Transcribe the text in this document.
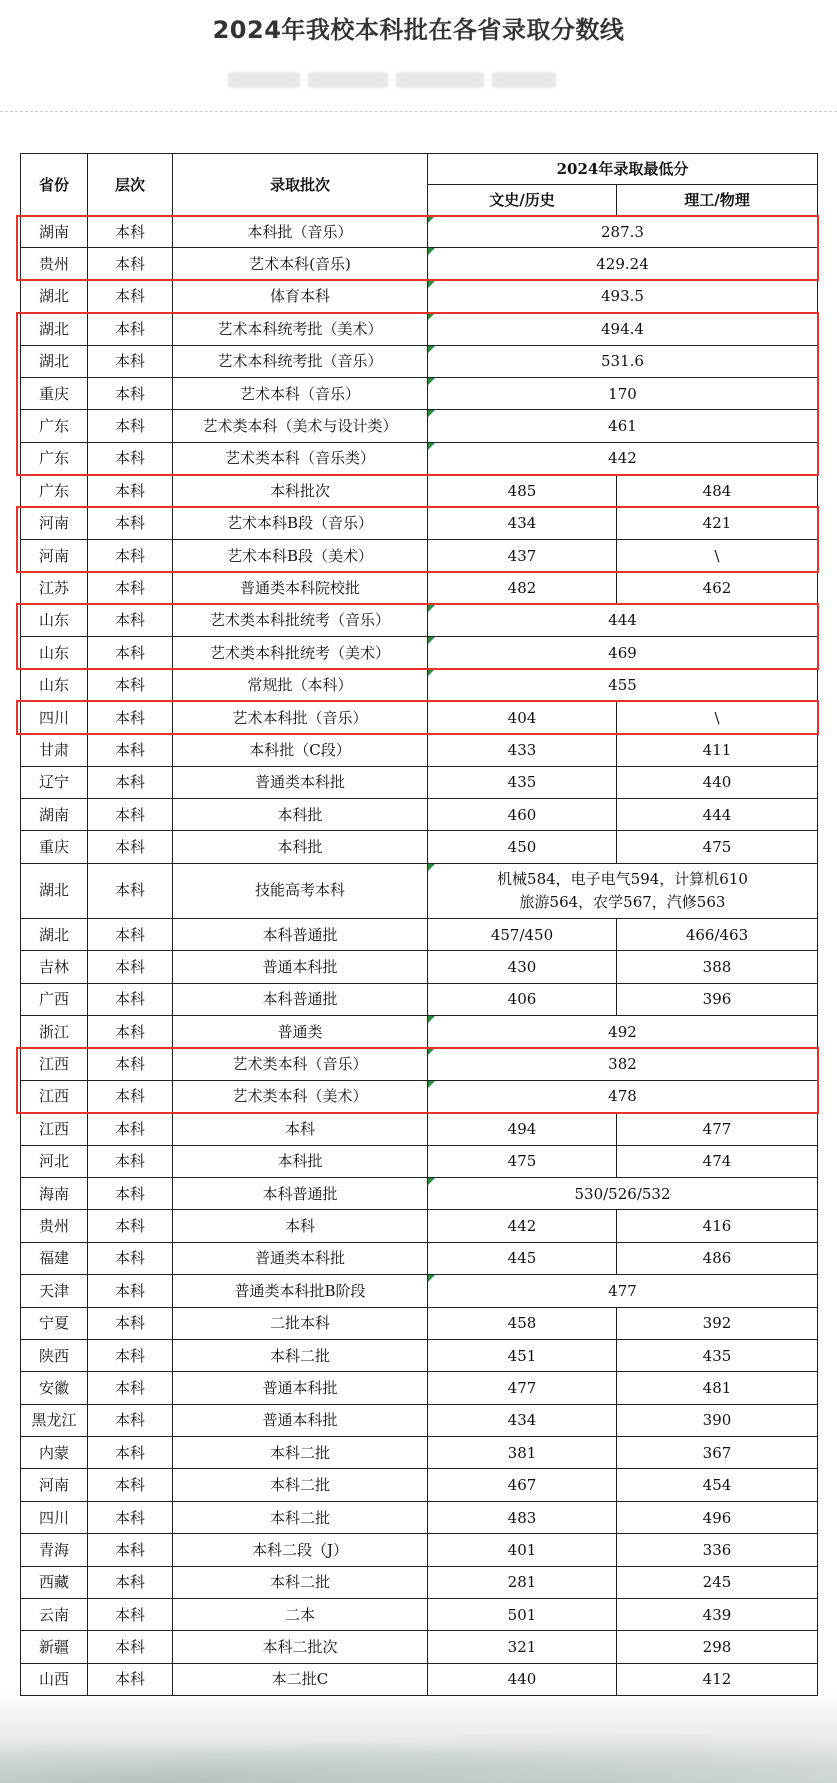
2024年我校本科批在各省录取分数线
省份	层次	录取批次	2024年录取最低分	
			文史/历史	理工/物理
湖南	本科	本科批（音乐）	287.3	

贵州	本科	艺术本科(音乐)	429.24	

湖北	本科	体育本科	493.5	

湖北	本科	艺术本科统考批（美术）	494.4	

湖北	本科	艺术本科统考批（音乐）	531.6	

重庆	本科	艺术本科（音乐）	170	

广东	本科	艺术类本科（美术与设计类）	461	

广东	本科	艺术类本科（音乐类）	442	

广东	本科	本科批次	485	484
河南	本科	艺术本科B段（音乐）	434	421
河南	本科	艺术本科B段（美术）	437	\
江苏	本科	普通类本科院校批	482	462
山东	本科	艺术类本科批统考（音乐）	444	

山东	本科	艺术类本科批统考（美术）	469	

山东	本科	常规批（本科）	455	

四川	本科	艺术本科批（音乐）	404	\
甘肃	本科	本科批（C段）	433	411
辽宁	本科	普通类本科批	435	440
湖南	本科	本科批	460	444
重庆	本科	本科批	450	475
湖北	本科	技能高考本科	机械584，电子电气594，计算机610
旅游564，农学567，汽修563	

湖北	本科	本科普通批	457/450	466/463
吉林	本科	普通本科批	430	388
广西	本科	本科普通批	406	396
浙江	本科	普通类	492	

江西	本科	艺术类本科（音乐）	382	

江西	本科	艺术类本科（美术）	478	

江西	本科	本科	494	477
河北	本科	本科批	475	474
海南	本科	本科普通批	530/526/532	

贵州	本科	本科	442	416
福建	本科	普通类本科批	445	486
天津	本科	普通类本科批B阶段	477	

宁夏	本科	二批本科	458	392
陕西	本科	本科二批	451	435
安徽	本科	普通本科批	477	481
黑龙江	本科	普通本科批	434	390
内蒙	本科	本科二批	381	367
河南	本科	本科二批	467	454
四川	本科	本科二批	483	496
青海	本科	本科二段（J）	401	336
西藏	本科	本科二批	281	245
云南	本科	二本	501	439
新疆	本科	本科二批次	321	298
山西	本科	本二批C	440	412
